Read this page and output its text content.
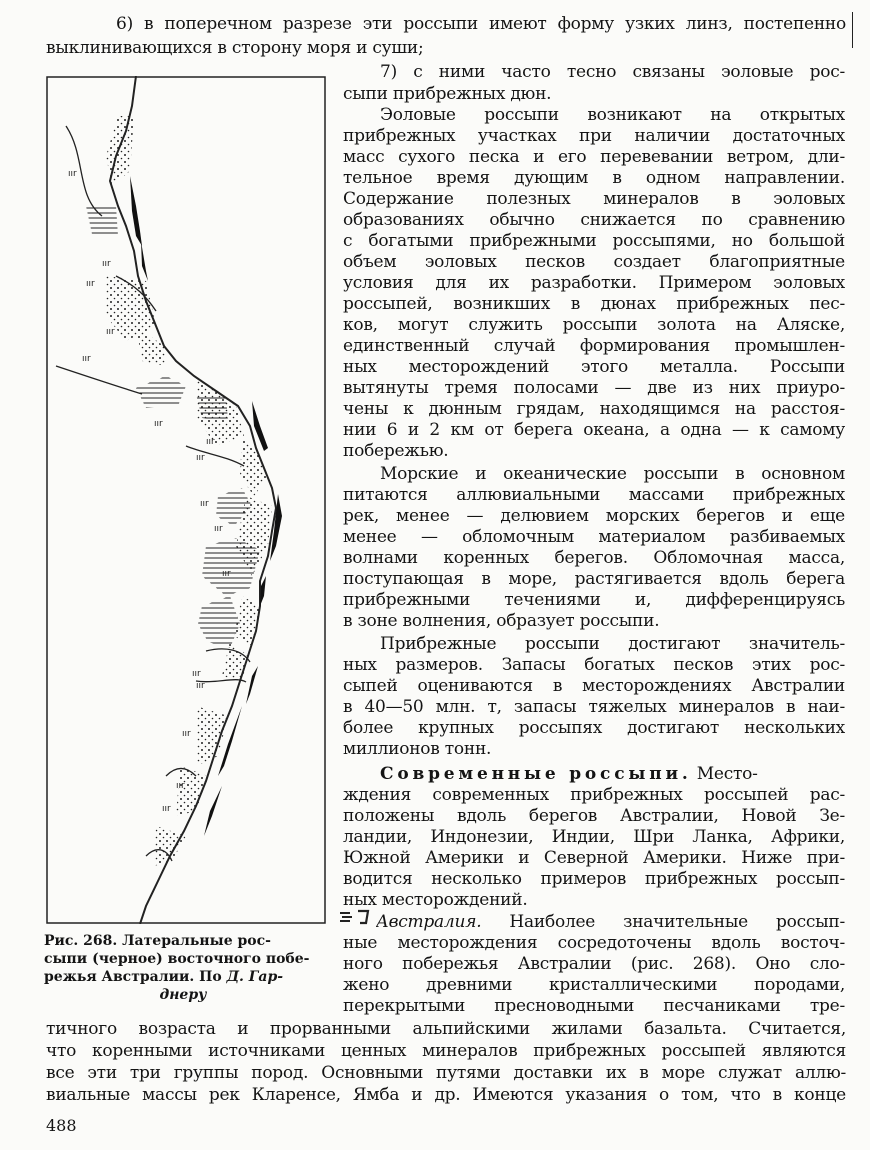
6) в поперечном разрезе эти россыпи имеют форму узких линз, постепенно

выклинивающихся в сторону моря и суши;

7) с ними часто тесно связаны эоловые рос-

сыпи прибрежных дюн.

Эоловые россыпи возникают на открытых

прибрежных участках при наличии достаточных

масс сухого песка и его перевевании ветром, дли-

тельное время дующим в одном направлении.

Содержание полезных минералов в эоловых

образованиях обычно снижается по сравнению

с богатыми прибрежными россыпями, но большой

объем эоловых песков создает благоприятные

условия для их разработки. Примером эоловых

россыпей, возникших в дюнах прибрежных пес-

ков, могут служить россыпи золота на Аляске,

единственный случай формирования промышлен-

ных месторождений этого металла. Россыпи

вытянуты тремя полосами — две из них приуро-

чены к дюнным грядам, находящимся на расстоя-

нии 6 и 2 км от берега океана, а одна — к самому

побережью.

Морские и океанические россыпи в основном

питаются аллювиальными массами прибрежных

рек, менее — делювием морских берегов и еще

менее — обломочным материалом разбиваемых

волнами коренных берегов. Обломочная масса,

поступающая в море, растягивается вдоль берега

прибрежными течениями и, дифференцируясь

в зоне волнения, образует россыпи.

Прибрежные россыпи достигают значитель-

ных размеров. Запасы богатых песков этих рос-

сыпей оцениваются в месторождениях Австралии

в 40—50 млн. т, запасы тяжелых минералов в наи-

более крупных россыпях достигают нескольких

миллионов тонн.

Современные россыпи. Место-

ждения современных прибрежных россыпей рас-

положены вдоль берегов Австралии, Новой Зе-

ландии, Индонезии, Индии, Шри Ланка, Африки,

Южной Америки и Северной Америки. Ниже при-

водится несколько примеров прибрежных россып-

ных месторождений.

Австралия. Наиболее значительные россып-

ные месторождения сосредоточены вдоль восточ-

ного побережья Австралии (рис. 268). Оно сло-

жено древними кристаллическими породами,

перекрытыми пресноводными песчаниками тре-

тичного возраста и прорванными альпийскими жилами базальта. Считается,

что коренными источниками ценных минералов прибрежных россыпей являются

все эти три группы пород. Основными путями доставки их в море служат аллю-

виальные массы рек Кларенсе, Ямба и др. Имеются указания о том, что в конце

488

ıır
ıır
ıır
ıır
ıır
ıır
ıır
ıır
ıır
ıır
ıır
ıır
ıır
ıır
ıır
ıır

Рис. 268. Латеральные рос-
сыпи (черное) восточного побе-
режья Австралии. По Д. Гар-
днеру
